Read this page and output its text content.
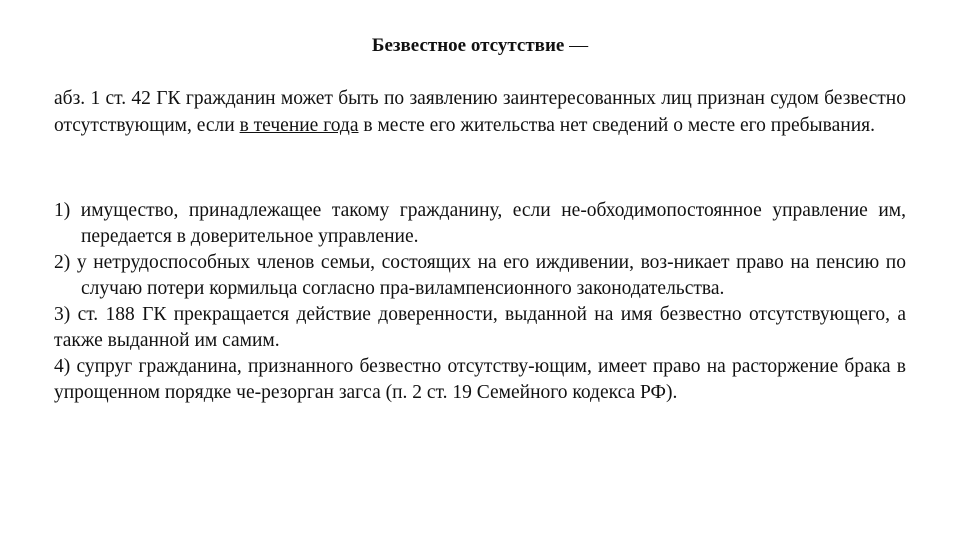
Безвестное отсутствие —
абз. 1 ст. 42 ГК гражданин может быть по заявлению заинтересованных лиц признан судом безвестно отсутствующим, если в течение года в месте его жительства нет сведений о месте его пребывания.
1) имущество, принадлежащее такому гражданину, если не-обходимопостоянное управление им, передается в доверительное управление.
2) у нетрудоспособных членов семьи, состоящих на его иждивении, воз-никает право на пенсию по случаю потери кормильца согласно пра-вилампенсионного законодательства.
3) ст. 188 ГК прекращается действие доверенности, выданной на имя безвестно отсутствующего, а также выданной им самим.
4) супруг гражданина, признанного безвестно отсутству-ющим, имеет право на расторжение брака в упрощенном порядке че-резорган загса (п. 2 ст. 19 Семейного кодекса РФ).
